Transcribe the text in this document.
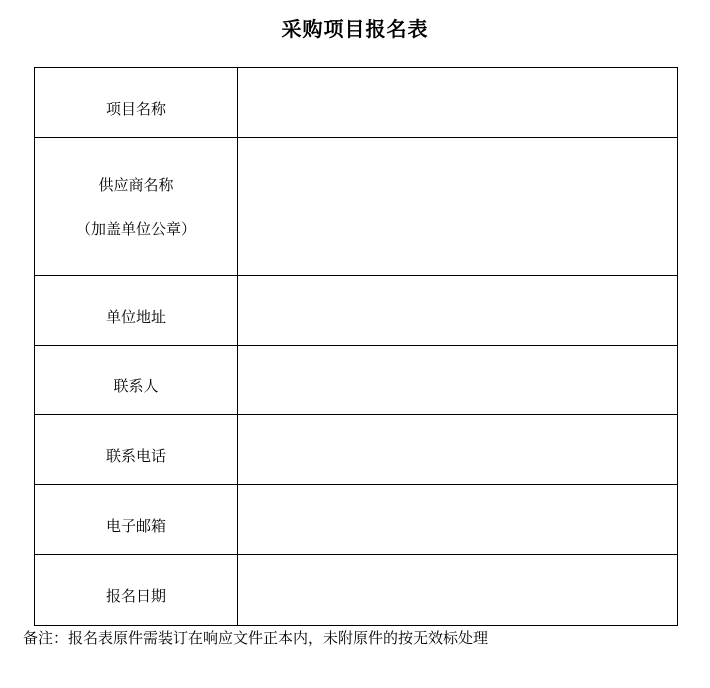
采购项目报名表
项目名称	

供应商名称
（加盖单位公章）	

单位地址	

联系人	

联系电话	

电子邮箱	

报名日期	

备注：报名表原件需装订在响应文件正本内，未附原件的按无效标处理
